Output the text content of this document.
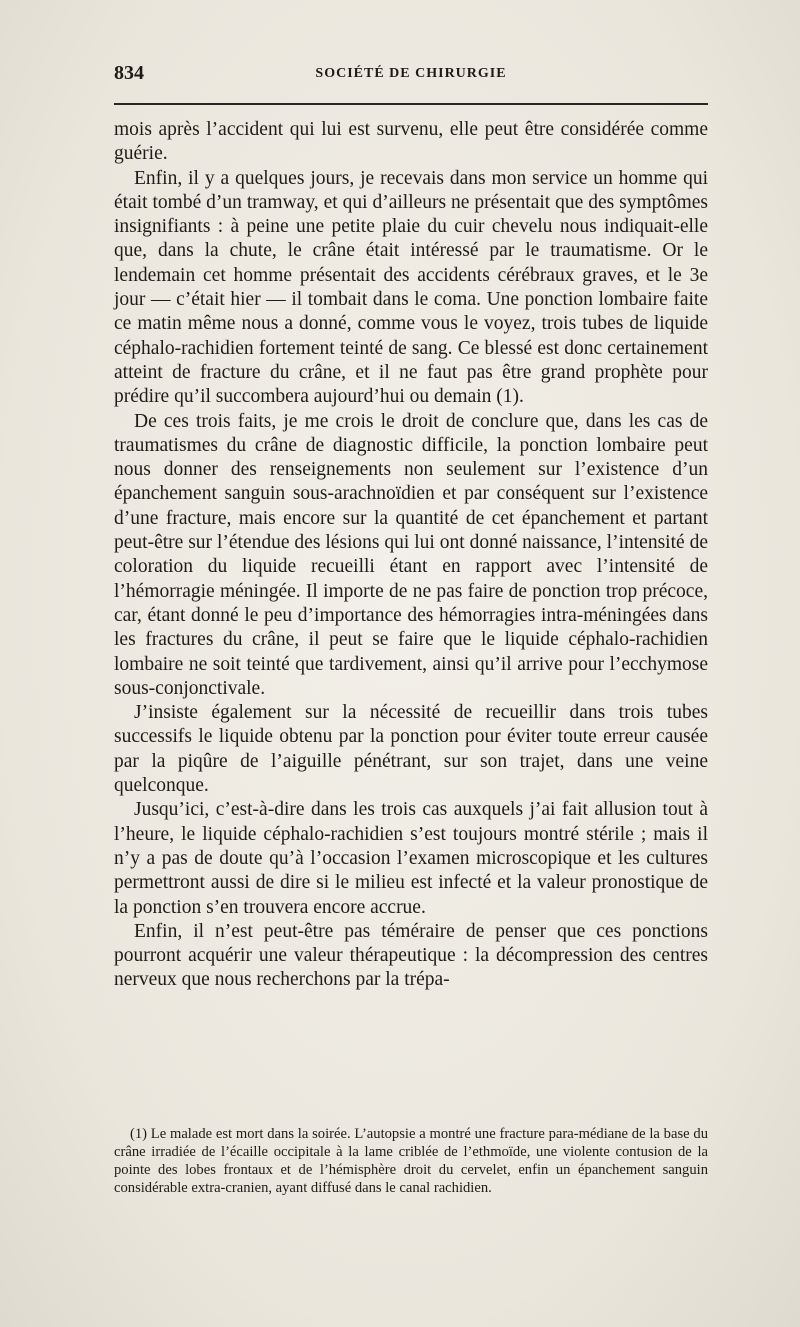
834	SOCIÉTÉ DE CHIRURGIE

mois après l’accident qui lui est survenu, elle peut être considérée comme guérie.

Enfin, il y a quelques jours, je recevais dans mon service un homme qui était tombé d’un tramway, et qui d’ailleurs ne présentait que des symptômes insignifiants : à peine une petite plaie du cuir chevelu nous indiquait-elle que, dans la chute, le crâne était intéressé par le traumatisme. Or le lendemain cet homme présentait des accidents cérébraux graves, et le 3e jour — c’était hier — il tombait dans le coma. Une ponction lombaire faite ce matin même nous a donné, comme vous le voyez, trois tubes de liquide céphalo-rachidien fortement teinté de sang. Ce blessé est donc certainement atteint de fracture du crâne, et il ne faut pas être grand prophète pour prédire qu’il succombera aujourd’hui ou demain (1).

De ces trois faits, je me crois le droit de conclure que, dans les cas de traumatismes du crâne de diagnostic difficile, la ponction lombaire peut nous donner des renseignements non seulement sur l’existence d’un épanchement sanguin sous-arachnoïdien et par conséquent sur l’existence d’une fracture, mais encore sur la quantité de cet épanchement et partant peut-être sur l’étendue des lésions qui lui ont donné naissance, l’intensité de coloration du liquide recueilli étant en rapport avec l’intensité de l’hémorragie méningée. Il importe de ne pas faire de ponction trop précoce, car, étant donné le peu d’importance des hémorragies intra-méningées dans les fractures du crâne, il peut se faire que le liquide céphalo-rachidien lombaire ne soit teinté que tardivement, ainsi qu’il arrive pour l’ecchymose sous-conjonctivale.

J’insiste également sur la nécessité de recueillir dans trois tubes successifs le liquide obtenu par la ponction pour éviter toute erreur causée par la piqûre de l’aiguille pénétrant, sur son trajet, dans une veine quelconque.

Jusqu’ici, c’est-à-dire dans les trois cas auxquels j’ai fait allusion tout à l’heure, le liquide céphalo-rachidien s’est toujours montré stérile ; mais il n’y a pas de doute qu’à l’occasion l’examen microscopique et les cultures permettront aussi de dire si le milieu est infecté et la valeur pronostique de la ponction s’en trouvera encore accrue.

Enfin, il n’est peut-être pas téméraire de penser que ces ponctions pourront acquérir une valeur thérapeutique : la décompression des centres nerveux que nous recherchons par la trépa-

(1) Le malade est mort dans la soirée. L’autopsie a montré une fracture para-médiane de la base du crâne irradiée de l’écaille occipitale à la lame criblée de l’ethmoïde, une violente contusion de la pointe des lobes frontaux et de l’hémisphère droit du cervelet, enfin un épanchement sanguin considérable extra-cranien, ayant diffusé dans le canal rachidien.
